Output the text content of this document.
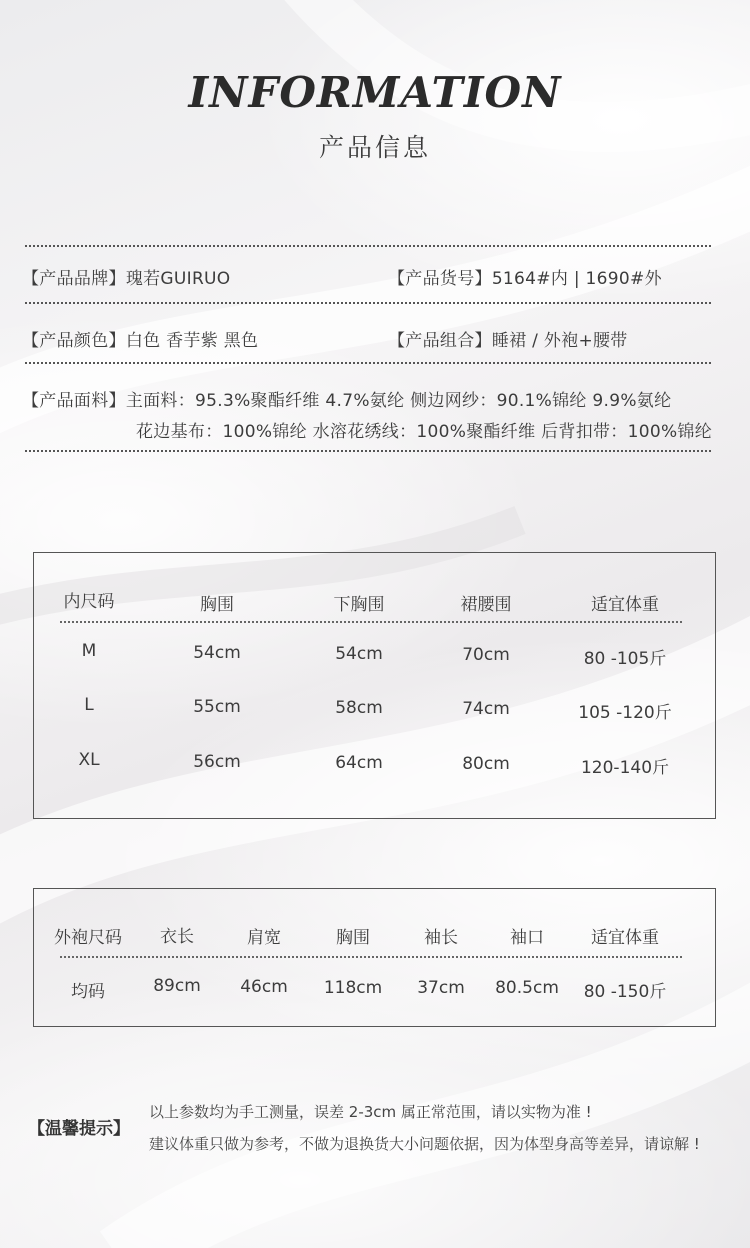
INFORMATION
产品信息
【产品品牌】瑰若GUIRUO	【产品货号】5164#内 | 1690#外
【产品颜色】白色 香芋紫 黑色	【产品组合】睡裙 / 外袍+腰带
【产品面料】主面料：95.3%聚酯纤维 4.7%氨纶 侧边网纱：90.1%锦纶 9.9%氨纶
花边基布：100%锦纶 水溶花绣线：100%聚酯纤维 后背扣带：100%锦纶
内尺码	胸围	下胸围	裙腰围	适宜体重
M	54cm	54cm	70cm	80 -105斤
L	55cm	58cm	74cm	105 -120斤
XL	56cm	64cm	80cm	120-140斤
外袍尺码 衣长	肩宽	胸围	袖长	袖口	适宜体重
均码	89cm 46cm 118cm 37cm 80.5cm 80 -150斤
【温馨提示】
以上参数均为手工测量，误差 2-3cm 属正常范围，请以实物为准 !
建议体重只做为参考，不做为退换货大小问题依据，因为体型身高等差异，请谅解 !
